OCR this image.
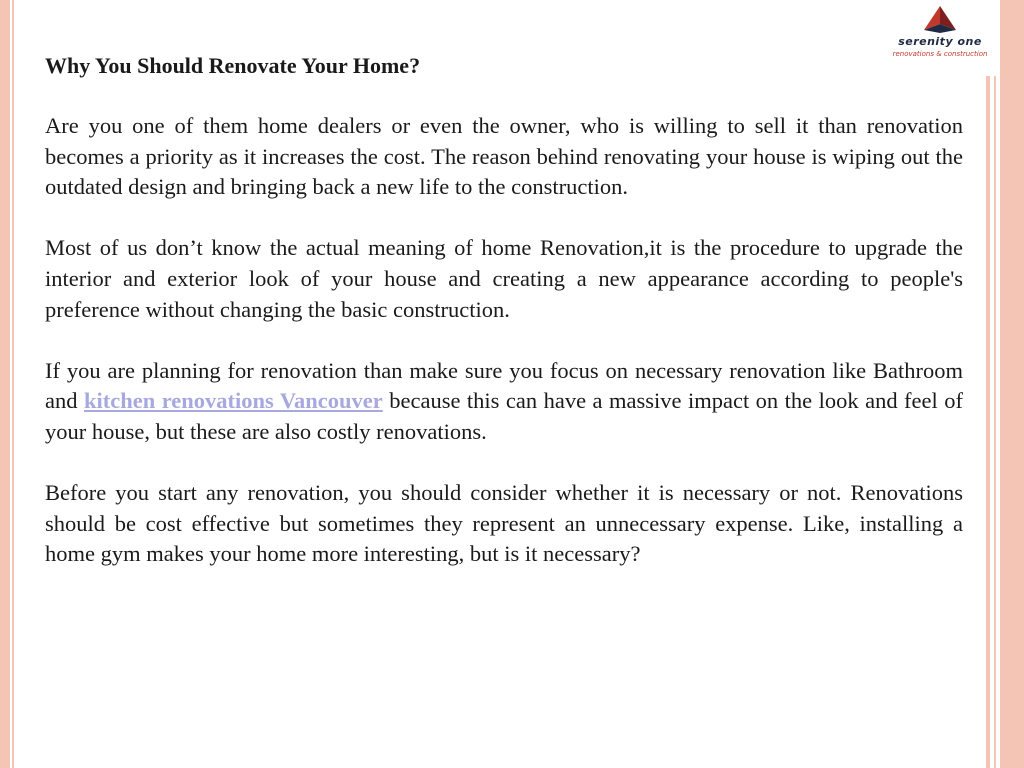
serenity one
renovations & construction
Why You Should Renovate Your Home?
Are you one of them home dealers or even the owner, who is willing to sell it than renovation becomes a priority as it increases the cost. The reason behind renovating your house is wiping out the outdated design and bringing back a new life to the construction.
Most of us don’t know the actual meaning of home Renovation,it is the procedure to upgrade the interior and exterior look of your house and creating a new appearance according to people's preference without changing the basic construction.
If you are planning for renovation than make sure you focus on necessary renovation like Bathroom and kitchen renovations Vancouver because this can have a massive impact on the look and feel of your house, but these are also costly renovations.
Before you start any renovation, you should consider whether it is necessary or not. Renovations should be cost effective but sometimes they represent an unnecessary expense. Like, installing a home gym makes your home more interesting, but is it necessary?
